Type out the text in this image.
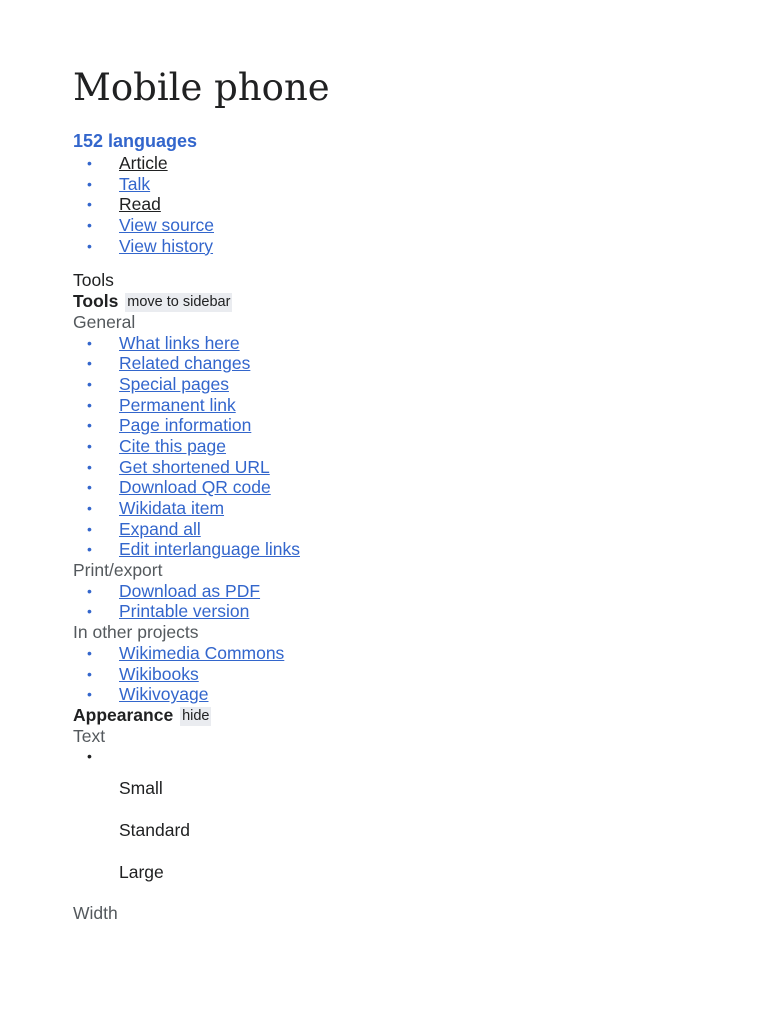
Mobile phone
152 languages
• Article
• Talk
• Read
• View source
• View history
Tools
Tools move to sidebar
General
• What links here
• Related changes
• Special pages
• Permanent link
• Page information
• Cite this page
• Get shortened URL
• Download QR code
• Wikidata item
• Expand all
• Edit interlanguage links
Print/export
• Download as PDF
• Printable version
In other projects
• Wikimedia Commons
• Wikibooks
• Wikivoyage
Appearance hide
Text
•
Small
Standard
Large
Width
